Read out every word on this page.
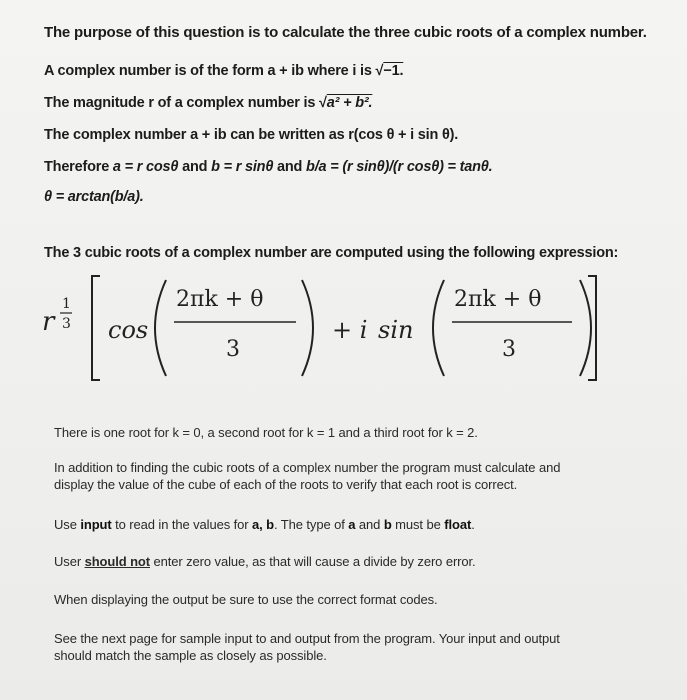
The purpose of this question is to calculate the three cubic roots of a complex number.
A complex number is of the form a + ib where i is √−1.
The magnitude r of a complex number is √a² + b².
The complex number a + ib can be written as r(cos θ + i sin θ).
Therefore a = r cosθ and b = r sinθ and b/a = (r sinθ)/(r cosθ) = tanθ.
θ = arctan(b/a).
The 3 cubic roots of a complex number are computed using the following expression:
r
1
3 cos
2πk + θ
3
+ i sin
2πk + θ
3
There is one root for k = 0, a second root for k = 1 and a third root for k = 2.
In addition to finding the cubic roots of a complex number the program must calculate and
display the value of the cube of each of the roots to verify that each root is correct.
Use input to read in the values for a, b. The type of a and b must be float.
User should not enter zero value, as that will cause a divide by zero error.
When displaying the output be sure to use the correct format codes.
See the next page for sample input to and output from the program. Your input and output
should match the sample as closely as possible.
